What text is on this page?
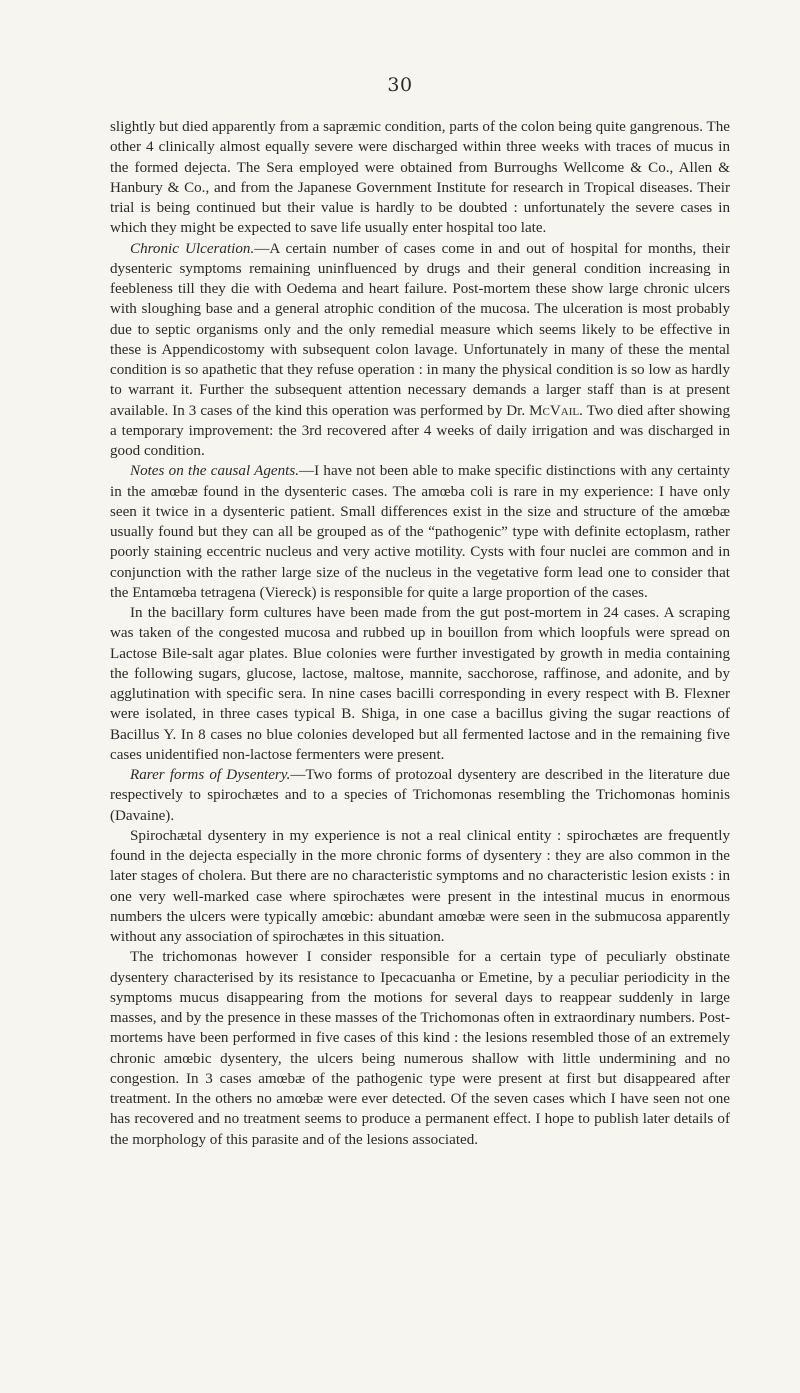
30

slightly but died apparently from a sapræmic condition, parts of the colon being quite gangrenous. The other 4 clinically almost equally severe were discharged within three weeks with traces of mucus in the formed dejecta. The Sera employed were obtained from Burroughs Wellcome & Co., Allen & Hanbury & Co., and from the Japanese Government Institute for research in Tropical diseases. Their trial is being continued but their value is hardly to be doubted : unfortunately the severe cases in which they might be expected to save life usually enter hospital too late.

Chronic Ulceration.—A certain number of cases come in and out of hospital for months, their dysenteric symptoms remaining uninfluenced by drugs and their general condition increasing in feebleness till they die with Oedema and heart failure. Post-mortem these show large chronic ulcers with sloughing base and a general atrophic condition of the mucosa. The ulceration is most probably due to septic organisms only and the only remedial measure which seems likely to be effective in these is Appendicostomy with subsequent colon lavage. Unfortunately in many of these the mental condition is so apathetic that they refuse operation : in many the physical condition is so low as hardly to warrant it. Further the subsequent attention necessary demands a larger staff than is at present available. In 3 cases of the kind this operation was performed by Dr. McVail. Two died after showing a temporary improvement: the 3rd recovered after 4 weeks of daily irrigation and was discharged in good condition.

Notes on the causal Agents.—I have not been able to make specific distinctions with any certainty in the amœbæ found in the dysenteric cases. The amœba coli is rare in my experience: I have only seen it twice in a dysenteric patient. Small differences exist in the size and structure of the amœbæ usually found but they can all be grouped as of the “pathogenic” type with definite ectoplasm, rather poorly staining eccentric nucleus and very active motility. Cysts with four nuclei are common and in conjunction with the rather large size of the nucleus in the vegetative form lead one to consider that the Entamœba tetragena (Viereck) is responsible for quite a large proportion of the cases.

In the bacillary form cultures have been made from the gut post-mortem in 24 cases. A scraping was taken of the congested mucosa and rubbed up in bouillon from which loopfuls were spread on Lactose Bile-salt agar plates. Blue colonies were further investigated by growth in media containing the following sugars, glucose, lactose, maltose, mannite, sacchorose, raffinose, and adonite, and by agglutination with specific sera. In nine cases bacilli corresponding in every respect with B. Flexner were isolated, in three cases typical B. Shiga, in one case a bacillus giving the sugar reactions of Bacillus Y. In 8 cases no blue colonies developed but all fermented lactose and in the remaining five cases unidentified non-lactose fermenters were present.

Rarer forms of Dysentery.—Two forms of protozoal dysentery are described in the literature due respectively to spirochætes and to a species of Trichomonas resembling the Trichomonas hominis (Davaine).

Spirochætal dysentery in my experience is not a real clinical entity : spirochætes are frequently found in the dejecta especially in the more chronic forms of dysentery : they are also common in the later stages of cholera. But there are no characteristic symptoms and no characteristic lesion exists : in one very well-marked case where spirochætes were present in the intestinal mucus in enormous numbers the ulcers were typically amœbic: abundant amœbæ were seen in the submucosa apparently without any association of spirochætes in this situation.

The trichomonas however I consider responsible for a certain type of peculiarly obstinate dysentery characterised by its resistance to Ipecacuanha or Emetine, by a peculiar periodicity in the symptoms mucus disappearing from the motions for several days to reappear suddenly in large masses, and by the presence in these masses of the Trichomonas often in extraordinary numbers. Post-mortems have been performed in five cases of this kind : the lesions resembled those of an extremely chronic amœbic dysentery, the ulcers being numerous shallow with little undermining and no congestion. In 3 cases amœbæ of the pathogenic type were present at first but disappeared after treatment. In the others no amœbæ were ever detected. Of the seven cases which I have seen not one has recovered and no treatment seems to produce a permanent effect. I hope to publish later details of the morphology of this parasite and of the lesions associated.
